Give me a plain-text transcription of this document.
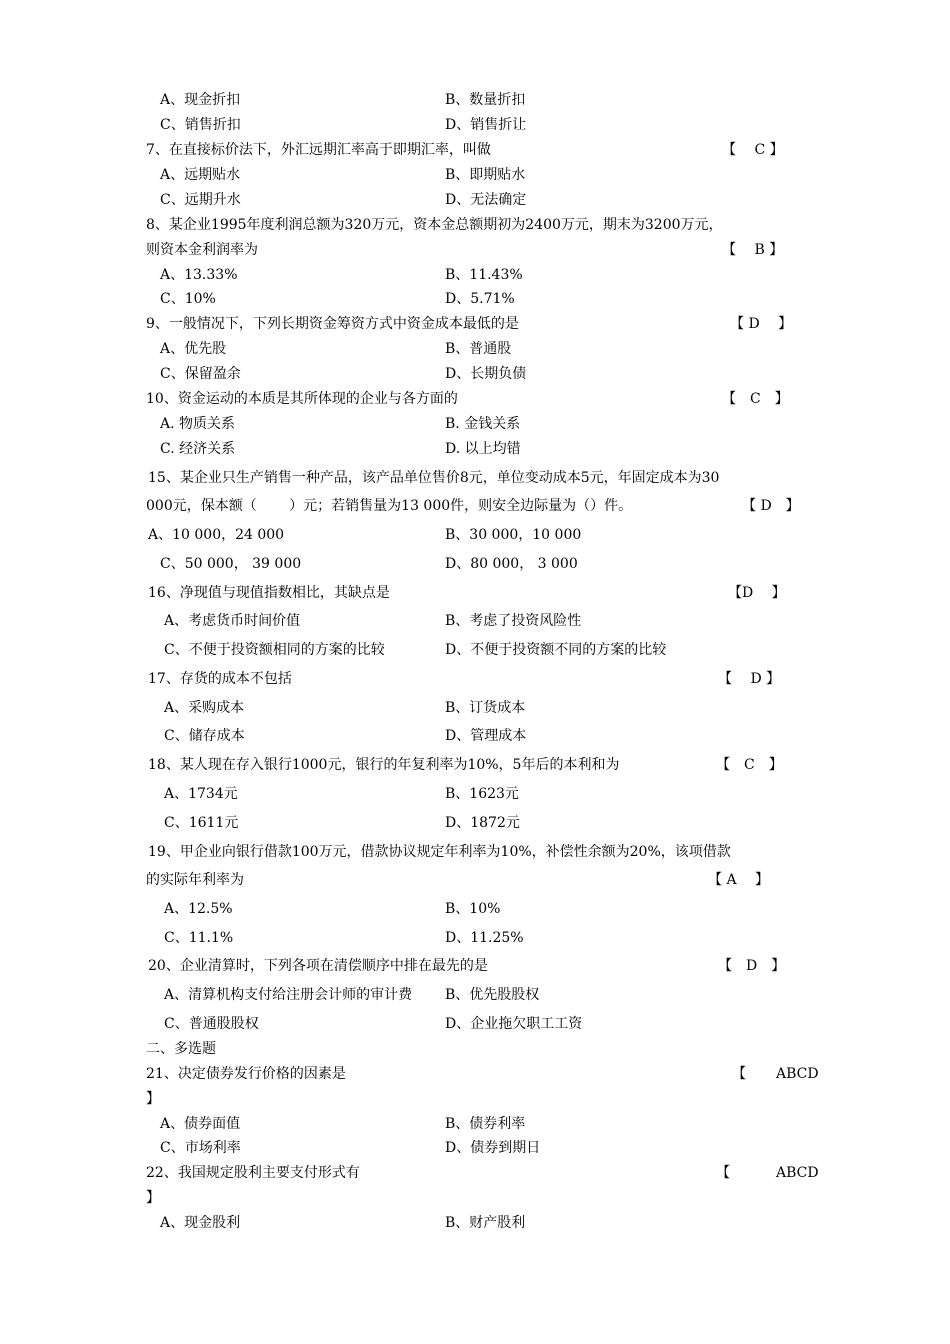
A、现金折扣	B、数量折扣
C、销售折扣	D、销售折让
7、在直接标价法下，外汇远期汇率高于即期汇率，叫做	【　 C 】
A、远期贴水	B、即期贴水
C、远期升水	D、无法确定
8、某企业1995年度利润总额为320万元，资本金总额期初为2400万元，期末为3200万元，
则资本金利润率为	【　 B 】
A、13.33%	B、11.43%
C、10%	D、5.71%
9、一般情况下，下列长期资金筹资方式中资金成本最低的是	【 D　 】
A、优先股	B、普通股
C、保留盈余	D、长期负债
10、资金运动的本质是其所体现的企业与各方面的	【　C　】
A. 物质关系	B. 金钱关系
C. 经济关系	D. 以上均错
15、某企业只生产销售一种产品，该产品单位售价8元，单位变动成本5元，年固定成本为30
000元，保本额（　　 ）元；若销售量为13 000件，则安全边际量为（）件。	【 D　】
A、10 000，24 000	B、30 000，10 000
C、50 000， 39 000	D、80 000， 3 000
16、净现值与现值指数相比，其缺点是	【D　 】
A、考虑货币时间价值	B、考虑了投资风险性
C、不便于投资额相同的方案的比较	D、不便于投资额不同的方案的比较
17、存货的成本不包括	【　 D 】
A、采购成本	B、订货成本
C、储存成本	D、管理成本
18、某人现在存入银行1000元，银行的年复利率为10%，5年后的本利和为	【　C　】
A、1734元	B、1623元
C、1611元	D、1872元
19、甲企业向银行借款100万元，借款协议规定年利率为10%，补偿性余额为20%，该项借款
的实际年利率为	【 A　 】
A、12.5%	B、10%
C、11.1%	D、11.25%
20、企业清算时，下列各项在清偿顺序中排在最先的是	【　D　】
A、清算机构支付给注册会计师的审计费 B、优先股股权
C、普通股股权	D、企业拖欠职工工资
二、多选题
21、决定债券发行价格的因素是	【 ABCD
】
A、债券面值	B、债券利率
C、市场利率	D、债券到期日
22、我国规定股利主要支付形式有	【	ABCD
】
A、现金股利	B、财产股利
